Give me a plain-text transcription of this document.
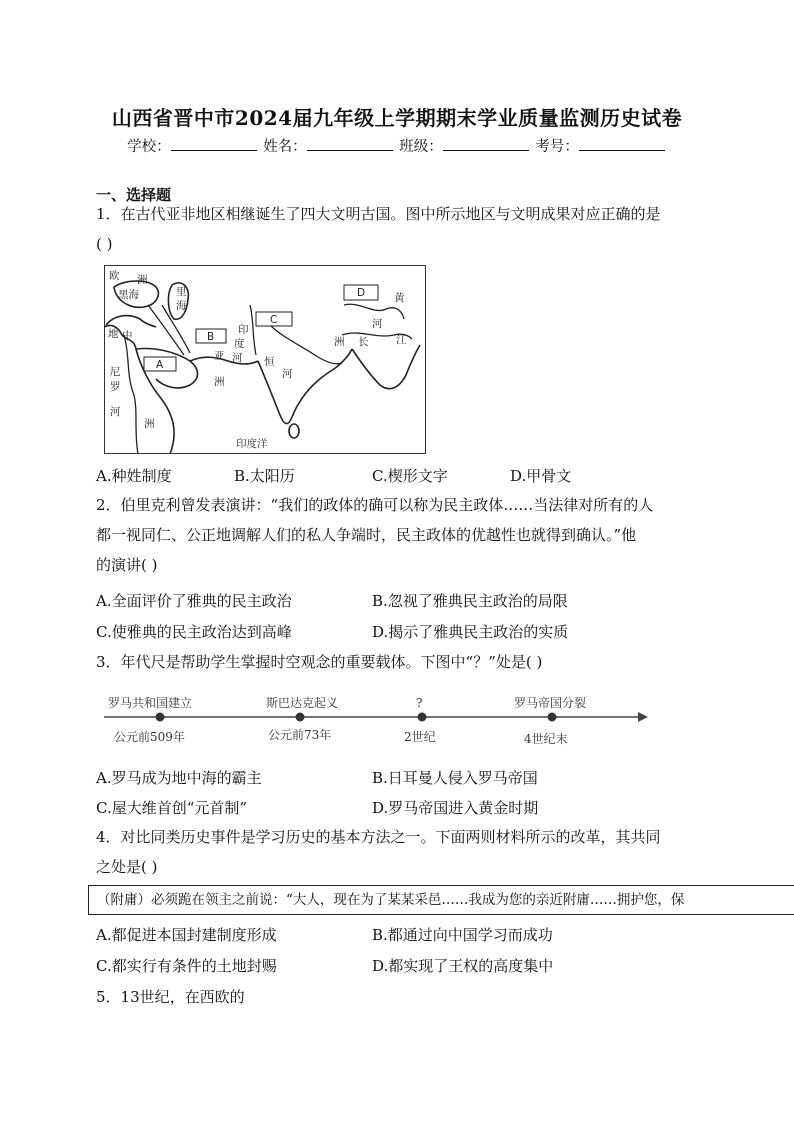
山西省晋中市2024届九年级上学期期末学业质量监测历史试卷
学校：	姓名：	班级：	考号：
一、选择题
1．在古代亚非地区相继诞生了四大文明古国。图中所示地区与文明成果对应正确的是
( )
欧 洲
黑海	里
海
地 中
尼
罗
河
洲
A
B
C
D
亚
洲
印
度
河 恒
河
印度洋
黄
河
长	江
洲
A.种姓制度	B.太阳历	C.楔形文字	D.甲骨文
2．伯里克利曾发表演讲：“我们的政体的确可以称为民主政体……当法律对所有的人
都一视同仁、公正地调解人们的私人争端时，民主政体的优越性也就得到确认。”他
的演讲( )
A.全面评价了雅典的民主政治	B.忽视了雅典民主政治的局限
C.使雅典的民主政治达到高峰	D.揭示了雅典民主政治的实质
3．年代尺是帮助学生掌握时空观念的重要载体。下图中“？”处是( )
罗马共和国建立	斯巴达克起义	?	罗马帝国分裂
公元前509年	公元前73年	2世纪	4世纪末
A.罗马成为地中海的霸主	B.日耳曼人侵入罗马帝国
C.屋大维首创“元首制”	D.罗马帝国进入黄金时期
4．对比同类历史事件是学习历史的基本方法之一。下面两则材料所示的改革，其共同
之处是( )
（附庸）必须跪在领主之前说：“大人，现在为了某某采邑……我成为您的亲近附庸……拥护您，保
A.都促进本国封建制度形成	B.都通过向中国学习而成功
C.都实行有条件的土地封赐	D.都实现了王权的高度集中
5．13世纪，在西欧的
